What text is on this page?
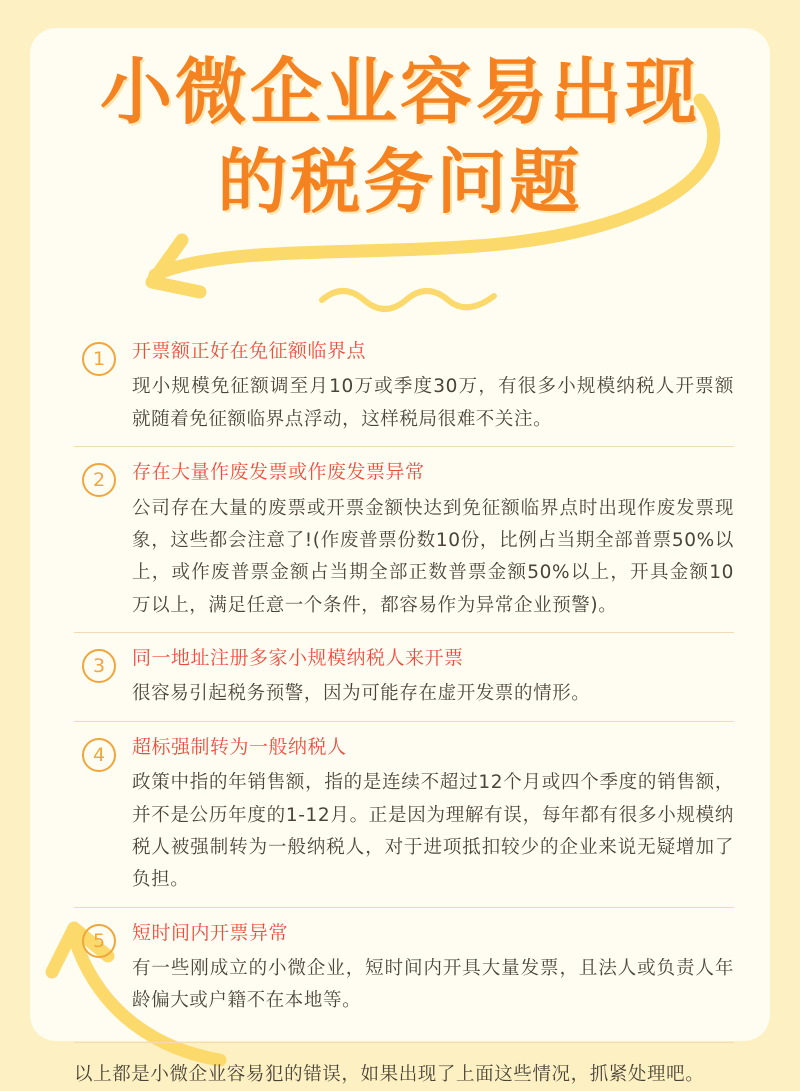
小微企业容易出现
的税务问题
1	开票额正好在免征额临界点
现小规模免征额调至月10万或季度30万，有很多小规模纳税人开票额就随着免征额临界点浮动，这样税局很难不关注。
2	存在大量作废发票或作废发票异常
公司存在大量的废票或开票金额快达到免征额临界点时出现作废发票现象，这些都会注意了!(作废普票份数10份，比例占当期全部普票50%以上，或作废普票金额占当期全部正数普票金额50%以上，开具金额10万以上，满足任意一个条件，都容易作为异常企业预警)。
3	同一地址注册多家小规模纳税人来开票
很容易引起税务预警，因为可能存在虚开发票的情形。
4	超标强制转为一般纳税人
政策中指的年销售额，指的是连续不超过12个月或四个季度的销售额，并不是公历年度的1-12月。正是因为理解有误，每年都有很多小规模纳税人被强制转为一般纳税人，对于进项抵扣较少的企业来说无疑增加了负担。
5	短时间内开票异常
有一些刚成立的小微企业，短时间内开具大量发票，且法人或负责人年龄偏大或户籍不在本地等。
以上都是小微企业容易犯的错误，如果出现了上面这些情况，抓紧处理吧。
